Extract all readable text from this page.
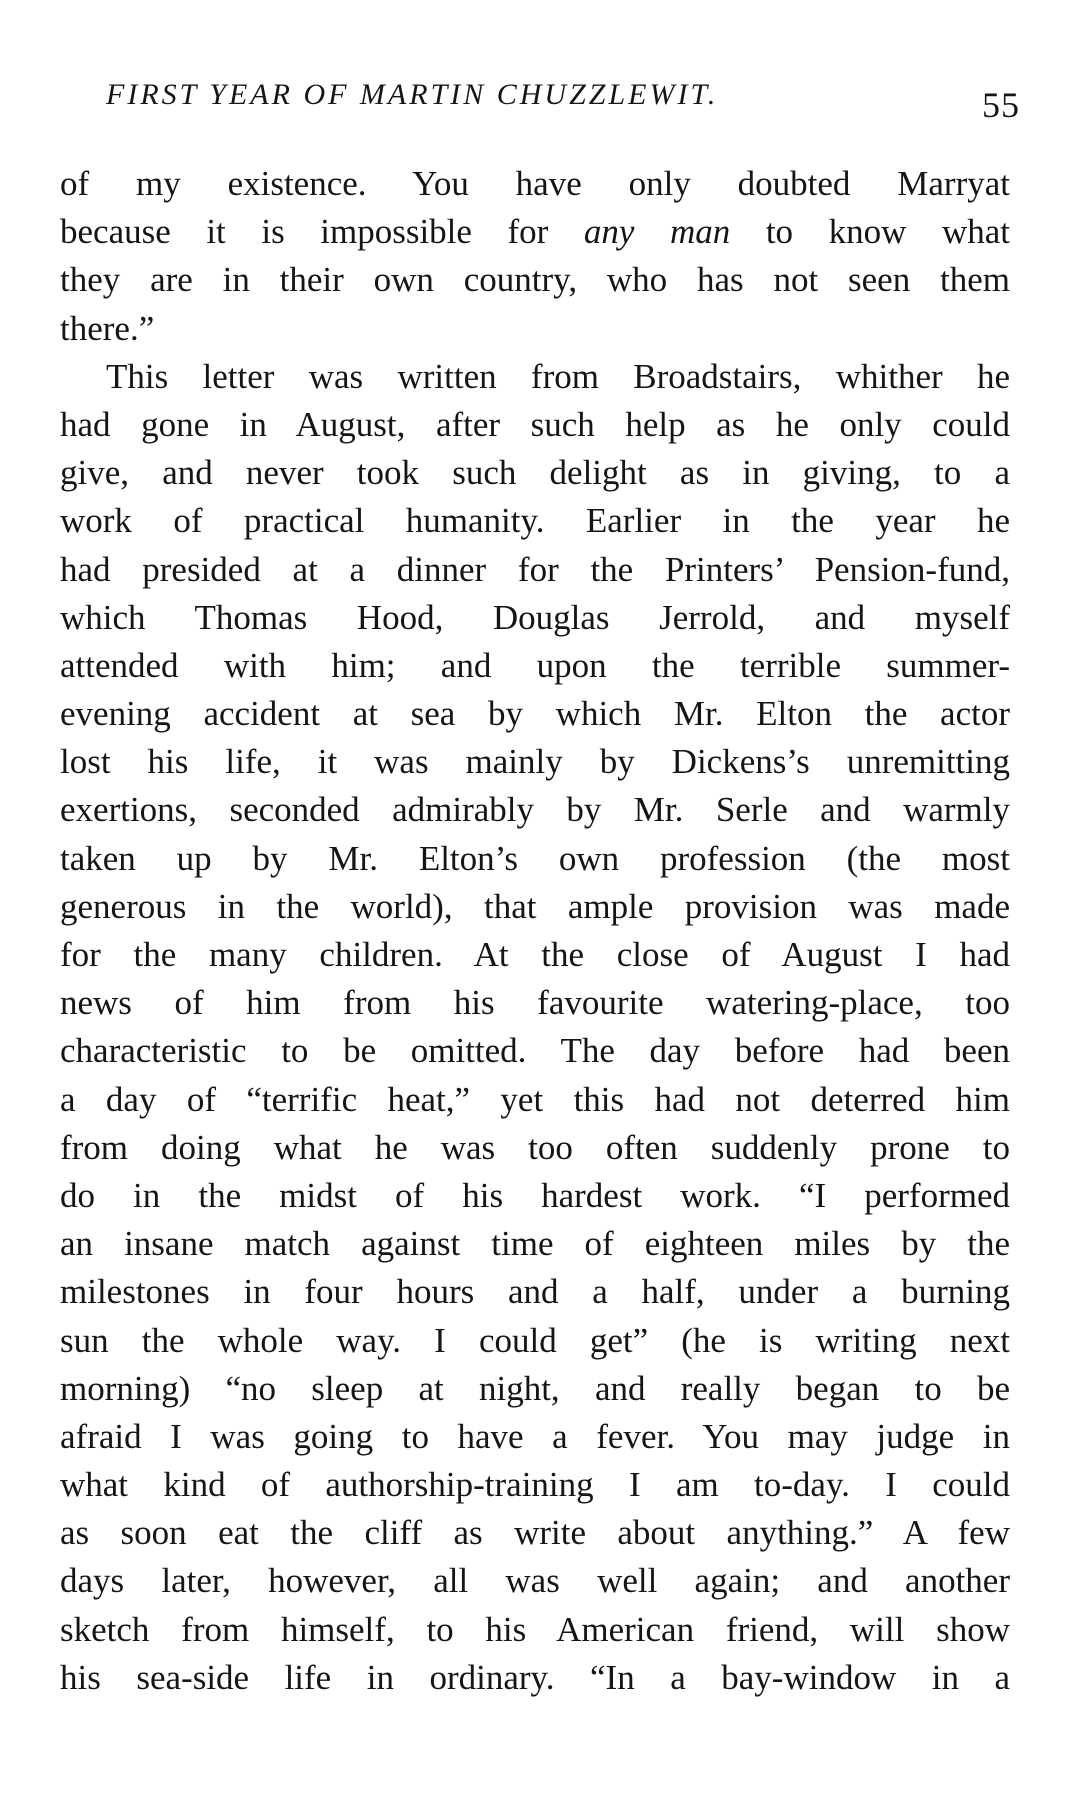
FIRST YEAR OF MARTIN CHUZZLEWIT.	55
of my existence. You have only doubted Marryat
because it is impossible for any man to know what
they are in their own country, who has not seen them
there.”
This letter was written from Broadstairs, whither he
had gone in August, after such help as he only could
give, and never took such delight as in giving, to a
work of practical humanity. Earlier in the year he
had presided at a dinner for the Printers’ Pension-fund,
which Thomas Hood, Douglas Jerrold, and myself
attended with him; and upon the terrible summer-
evening accident at sea by which Mr. Elton the actor
lost his life, it was mainly by Dickens’s unremitting
exertions, seconded admirably by Mr. Serle and warmly
taken up by Mr. Elton’s own profession (the most
generous in the world), that ample provision was made
for the many children. At the close of August I had
news of him from his favourite watering-place, too
characteristic to be omitted. The day before had been
a day of “terrific heat,” yet this had not deterred him
from doing what he was too often suddenly prone to
do in the midst of his hardest work. “I performed
an insane match against time of eighteen miles by the
milestones in four hours and a half, under a burning
sun the whole way. I could get” (he is writing next
morning) “no sleep at night, and really began to be
afraid I was going to have a fever. You may judge in
what kind of authorship-training I am to-day. I could
as soon eat the cliff as write about anything.” A few
days later, however, all was well again; and another
sketch from himself, to his American friend, will show
his sea-side life in ordinary. “In a bay-window in a
